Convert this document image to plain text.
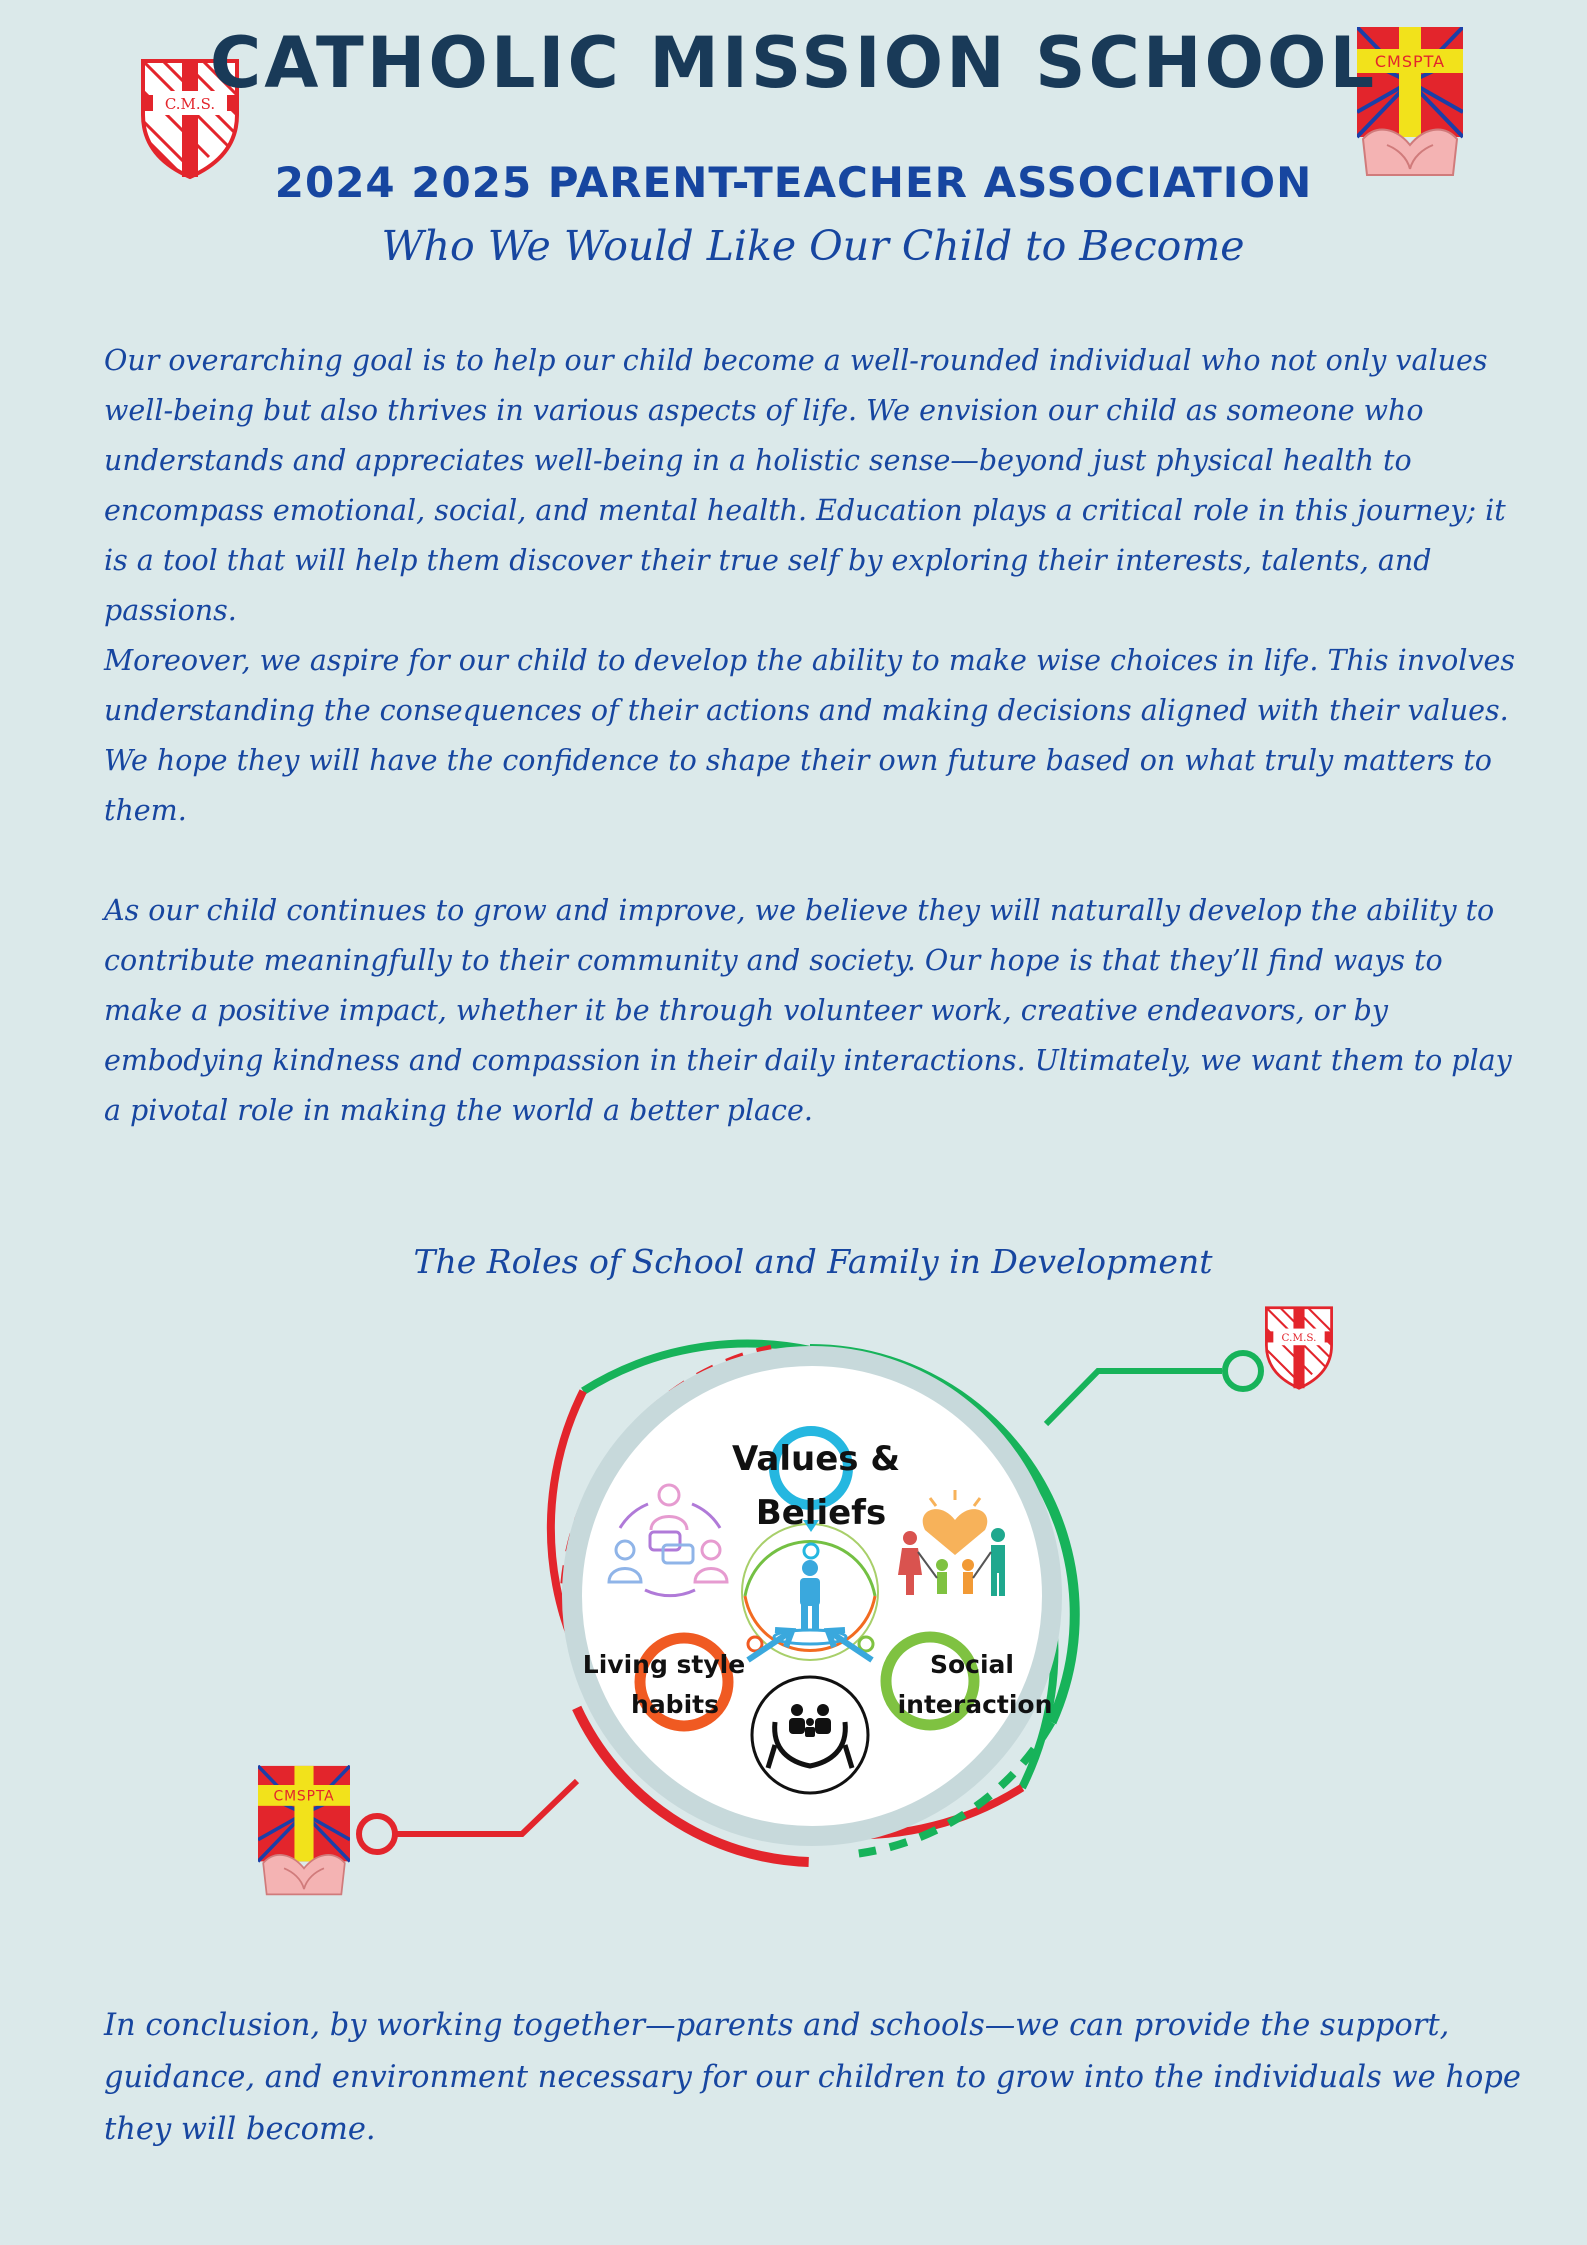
C.M.S.
CMSPTA
CATHOLIC MISSION SCHOOL
2024 2025 PARENT-TEACHER ASSOCIATION
Who We Would Like Our Child to Become

Our overarching goal is to help our child become a well-rounded individual who not only values well-being but also thrives in various aspects of life. We envision our child as someone who understands and appreciates well-being in a holistic sense—beyond just physical health to encompass emotional, social, and mental health. Education plays a critical role in this journey; it is a tool that will help them discover their true self by exploring their interests, talents, and passions.

Moreover, we aspire for our child to develop the ability to make wise choices in life. This involves understanding the consequences of their actions and making decisions aligned with their values. We hope they will have the confidence to shape their own future based on what truly matters to them.

As our child continues to grow and improve, we believe they will naturally develop the ability to contribute meaningfully to their community and society. Our hope is that they’ll find ways to make a positive impact, whether it be through volunteer work, creative endeavors, or by embodying kindness and compassion in their daily interactions. Ultimately, we want them to play a pivotal role in making the world a better place.

The Roles of School and Family in Development
Values &
Beliefs
Living style
habits
Social
interaction
C.M.S.
CMSPTA

In conclusion, by working together—parents and schools—we can provide the support, guidance, and environment necessary for our children to grow into the individuals we hope they will become.
